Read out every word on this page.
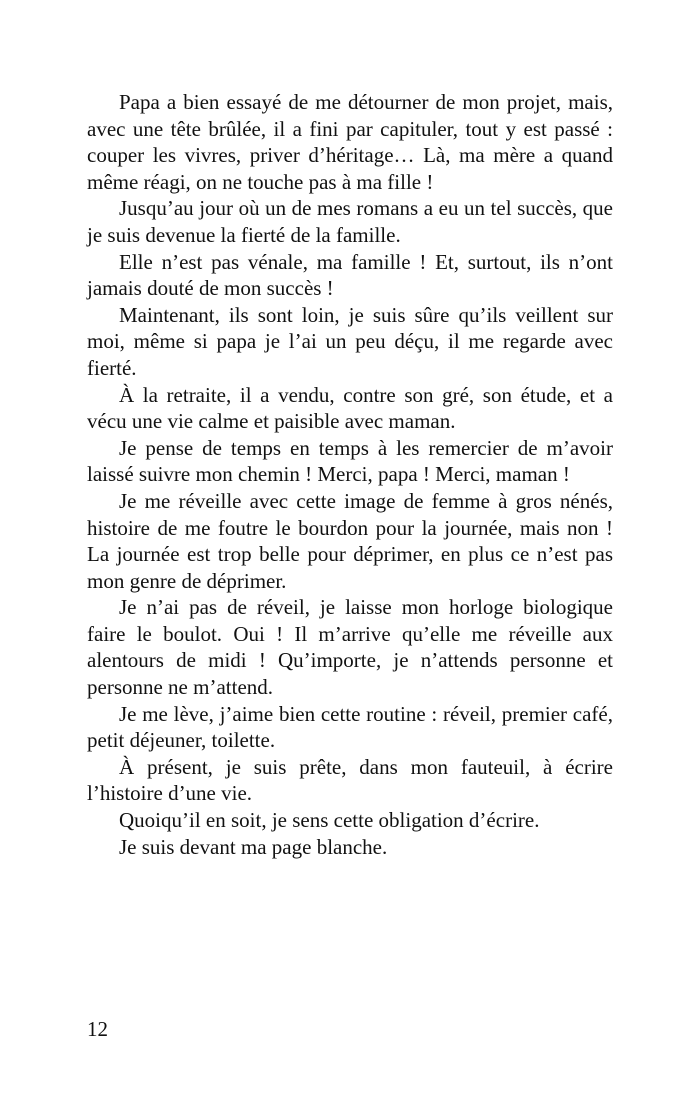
Papa a bien essayé de me détourner de mon projet, mais, avec une tête brûlée, il a fini par capituler, tout y est passé : couper les vivres, priver d’héritage… Là, ma mère a quand même réagi, on ne touche pas à ma fille !

Jusqu’au jour où un de mes romans a eu un tel succès, que je suis devenue la fierté de la famille.

Elle n’est pas vénale, ma famille ! Et, surtout, ils n’ont jamais douté de mon succès !

Maintenant, ils sont loin, je suis sûre qu’ils veillent sur moi, même si papa je l’ai un peu déçu, il me regarde avec fierté.

À la retraite, il a vendu, contre son gré, son étude, et a vécu une vie calme et paisible avec maman.

Je pense de temps en temps à les remercier de m’avoir laissé suivre mon chemin ! Merci, papa ! Merci, maman !

Je me réveille avec cette image de femme à gros nénés, histoire de me foutre le bourdon pour la journée, mais non ! La journée est trop belle pour déprimer, en plus ce n’est pas mon genre de déprimer.

Je n’ai pas de réveil, je laisse mon horloge biologique faire le boulot. Oui ! Il m’arrive qu’elle me réveille aux alentours de midi ! Qu’importe, je n’attends personne et personne ne m’attend.

Je me lève, j’aime bien cette routine : réveil, premier café, petit déjeuner, toilette.

À présent, je suis prête, dans mon fauteuil, à écrire l’histoire d’une vie.

Quoiqu’il en soit, je sens cette obligation d’écrire.

Je suis devant ma page blanche.

12
